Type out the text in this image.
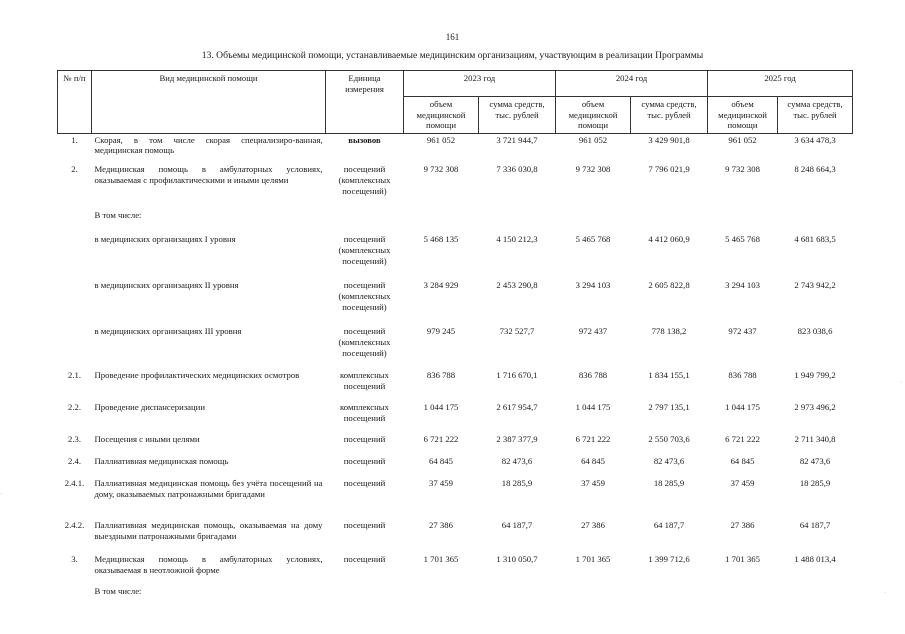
161
13. Объемы медицинской помощи, устанавливаемые медицинским организациям, участвующим в реализации Программы
№ п/п	Вид медицинской помощи	Единица измерения	2023 год		2024 год		2025 год	
			объем медицинской помощи	сумма средств, тыс. рублей	объем медицинской помощи	сумма средств, тыс. рублей	объем медицинской помощи	сумма средств, тыс. рублей
1.	Скорая, в том числе скорая специализиро-ванная, медицинская помощь	вызовов	961 052	3 721 944,7	961 052	3 429 901,8	961 052	3 634 478,3
2.	Медицинская помощь в амбулаторных условиях, оказываемая с профилактическими и иными целями	посещений (комплексных посещений)	9 732 308	7 336 030,8	9 732 308	7 796 021,9	9 732 308	8 248 664,3
	В том числе:							
	в медицинских организациях I уровня	посещений (комплексных посещений)	5 468 135	4 150 212,3	5 465 768	4 412 060,9	5 465 768	4 681 683,5
	в медицинских организациях II уровня	посещений (комплексных посещений)	3 284 929	2 453 290,8	3 294 103	2 605 822,8	3 294 103	2 743 942,2
	в медицинских организациях III уровня	посещений (комплексных посещений)	979 245	732 527,7	972 437	778 138,2	972 437	823 038,6
2.1.	Проведение профилактических медицинских осмотров	комплексных посещений	836 788	1 716 670,1	836 788	1 834 155,1	836 788	1 949 799,2
2.2.	Проведение диспансеризации	комплексных посещений	1 044 175	2 617 954,7	1 044 175	2 797 135,1	1 044 175	2 973 496,2
2.3.	Посещения с иными целями	посещений	6 721 222	2 387 377,9	6 721 222	2 550 703,6	6 721 222	2 711 340,8
2.4.	Паллиативная медицинская помощь	посещений	64 845	82 473,6	64 845	82 473,6	64 845	82 473,6
2.4.1.	Паллиативная медицинская помощь без учёта посещений на дому, оказываемых патронажными бригадами	посещений	37 459	18 285,9	37 459	18 285,9	37 459	18 285,9
2.4.2.	Паллиативная медицинская помощь, оказываемая на дому выездными патронажными бригадами	посещений	27 386	64 187,7	27 386	64 187,7	27 386	64 187,7
3.	Медицинская помощь в амбулаторных условиях, оказываемая в неотложной форме	посещений	1 701 365	1 310 050,7	1 701 365	1 399 712,6	1 701 365	1 488 013,4
	В том числе:							
·
·
·
